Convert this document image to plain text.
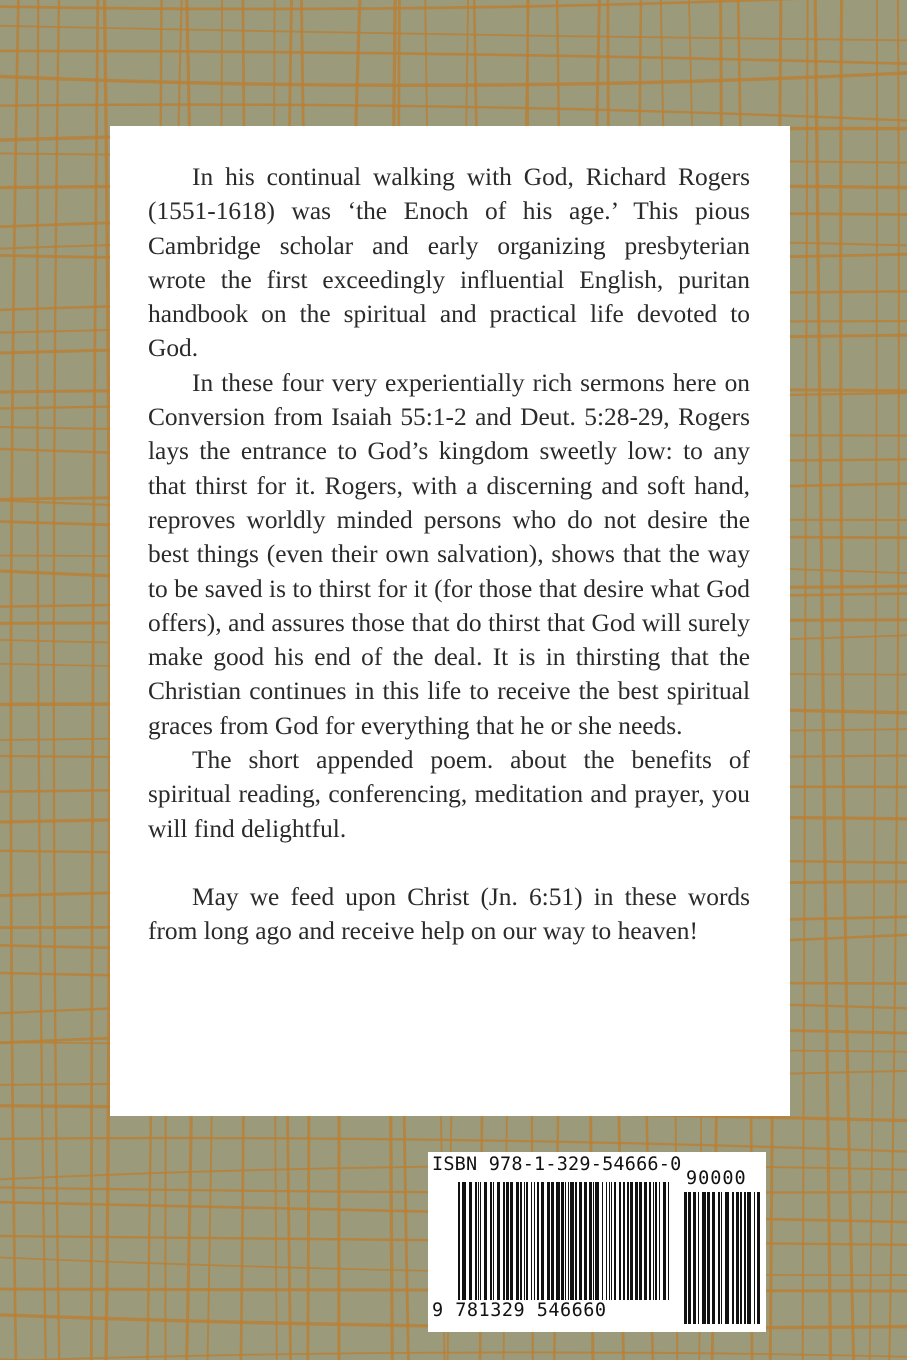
In his continual walking with God, Richard Rogers (1551-1618) was ‘the Enoch of his age.’ This pious Cambridge scholar and early organizing presbyterian wrote the first exceedingly influential English, puritan handbook on the spiritual and practical life devoted to God.

In these four very experientially rich sermons here on Conversion from Isaiah 55:1-2 and Deut. 5:28-29, Rogers lays the entrance to God’s kingdom sweetly low: to any that thirst for it. Rogers, with a discerning and soft hand, reproves worldly minded persons who do not desire the best things (even their own salvation), shows that the way to be saved is to thirst for it (for those that desire what God offers), and assures those that do thirst that God will surely make good his end of the deal. It is in thirsting that the Christian continues in this life to receive the best spiritual graces from God for everything that he or she needs.

The short appended poem. about the benefits of spiritual reading, conferencing, meditation and prayer, you will find delightful.

May we feed upon Christ (Jn. 6:51) in these words from long ago and receive help on our way to heaven!

ISBN 978-1-329-54666-0
90000
9 781329 546660
